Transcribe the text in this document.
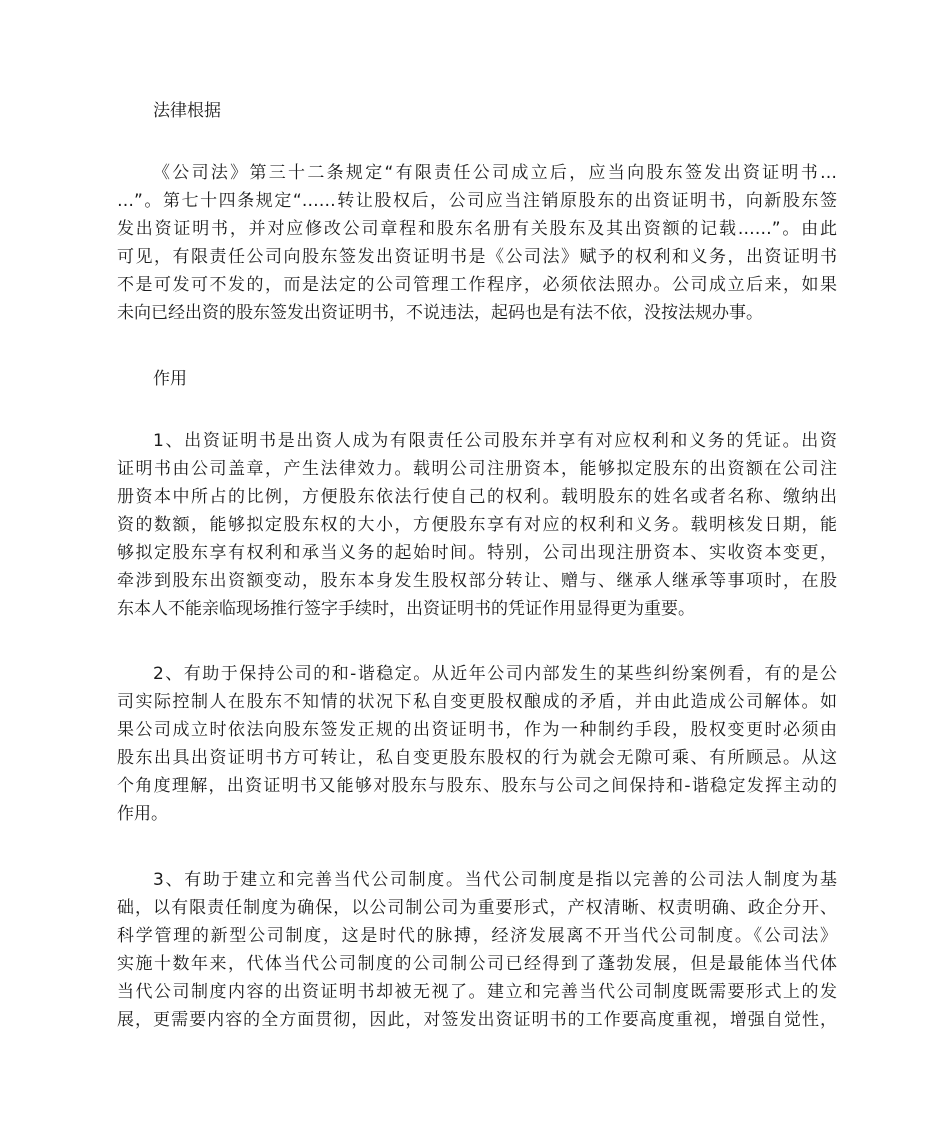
法律根据
《公司法》第三十二条规定“有限责任公司成立后，应当向股东签发出资证明书…
…”。第七十四条规定“……转让股权后，公司应当注销原股东的出资证明书，向新股东签
发出资证明书，并对应修改公司章程和股东名册有关股东及其出资额的记载……”。由此
可见，有限责任公司向股东签发出资证明书是《公司法》赋予的权利和义务，出资证明书
不是可发可不发的，而是法定的公司管理工作程序，必须依法照办。公司成立后来，如果
未向已经出资的股东签发出资证明书，不说违法，起码也是有法不依，没按法规办事。
作用
1、出资证明书是出资人成为有限责任公司股东并享有对应权利和义务的凭证。出资
证明书由公司盖章，产生法律效力。载明公司注册资本，能够拟定股东的出资额在公司注
册资本中所占的比例，方便股东依法行使自己的权利。载明股东的姓名或者名称、缴纳出
资的数额，能够拟定股东权的大小，方便股东享有对应的权利和义务。载明核发日期，能
够拟定股东享有权利和承当义务的起始时间。特别，公司出现注册资本、实收资本变更，
牵涉到股东出资额变动，股东本身发生股权部分转让、赠与、继承人继承等事项时，在股
东本人不能亲临现场推行签字手续时，出资证明书的凭证作用显得更为重要。
2、有助于保持公司的和-谐稳定。从近年公司内部发生的某些纠纷案例看，有的是公
司实际控制人在股东不知情的状况下私自变更股权酿成的矛盾，并由此造成公司解体。如
果公司成立时依法向股东签发正规的出资证明书，作为一种制约手段，股权变更时必须由
股东出具出资证明书方可转让，私自变更股东股权的行为就会无隙可乘、有所顾忌。从这
个角度理解，出资证明书又能够对股东与股东、股东与公司之间保持和-谐稳定发挥主动的
作用。
3、有助于建立和完善当代公司制度。当代公司制度是指以完善的公司法人制度为基
础，以有限责任制度为确保，以公司制公司为重要形式，产权清晰、权责明确、政企分开、
科学管理的新型公司制度，这是时代的脉搏，经济发展离不开当代公司制度。《公司法》
实施十数年来，代体当代公司制度的公司制公司已经得到了蓬勃发展，但是最能体当代体
当代公司制度内容的出资证明书却被无视了。建立和完善当代公司制度既需要形式上的发
展，更需要内容的全方面贯彻，因此，对签发出资证明书的工作要高度重视，增强自觉性，
